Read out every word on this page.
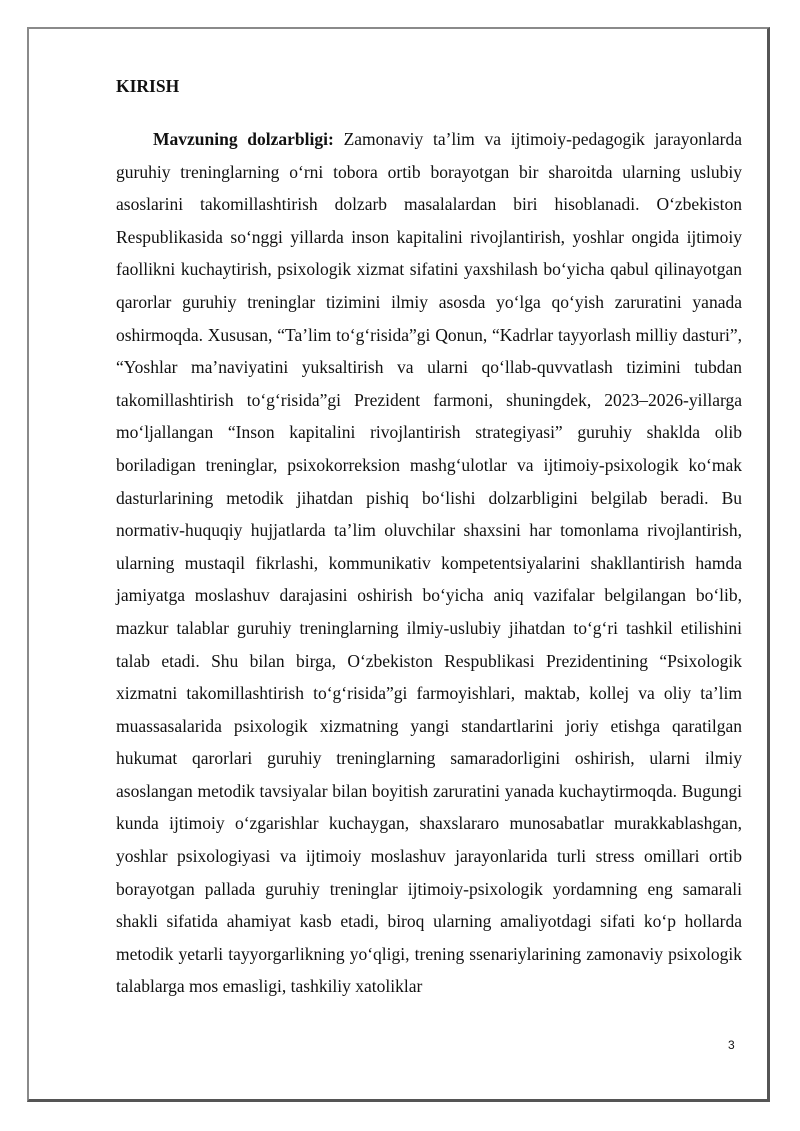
KIRISH

Mavzuning dolzarbligi: Zamonaviy ta’lim va ijtimoiy-pedagogik jarayonlarda guruhiy treninglarning o‘rni tobora ortib borayotgan bir sharoitda ularning uslubiy asoslarini takomillashtirish dolzarb masalalardan biri hisoblanadi. O‘zbekiston Respublikasida so‘nggi yillarda inson kapitalini rivojlantirish, yoshlar ongida ijtimoiy faollikni kuchaytirish, psixologik xizmat sifatini yaxshilash bo‘yicha qabul qilinayotgan qarorlar guruhiy treninglar tizimini ilmiy asosda yo‘lga qo‘yish zaruratini yanada oshirmoqda. Xususan, “Ta’lim to‘g‘risida”gi Qonun, “Kadrlar tayyorlash milliy dasturi”, “Yoshlar ma’naviyatini yuksaltirish va ularni qo‘llab-quvvatlash tizimini tubdan takomillashtirish to‘g‘risida”gi Prezident farmoni, shuningdek, 2023–2026-yillarga mo‘ljallangan “Inson kapitalini rivojlantirish strategiyasi” guruhiy shaklda olib boriladigan treninglar, psixokorreksion mashg‘ulotlar va ijtimoiy-psixologik ko‘mak dasturlarining metodik jihatdan pishiq bo‘lishi dolzarbligini belgilab beradi. Bu normativ-huquqiy hujjatlarda ta’lim oluvchilar shaxsini har tomonlama rivojlantirish, ularning mustaqil fikrlashi, kommunikativ kompetentsiyalarini shakllantirish hamda jamiyatga moslashuv darajasini oshirish bo‘yicha aniq vazifalar belgilangan bo‘lib, mazkur talablar guruhiy treninglarning ilmiy-uslubiy jihatdan to‘g‘ri tashkil etilishini talab etadi. Shu bilan birga, O‘zbekiston Respublikasi Prezidentining “Psixologik xizmatni takomillashtirish to‘g‘risida”gi farmoyishlari, maktab, kollej va oliy ta’lim muassasalarida psixologik xizmatning yangi standartlarini joriy etishga qaratilgan hukumat qarorlari guruhiy treninglarning samaradorligini oshirish, ularni ilmiy asoslangan metodik tavsiyalar bilan boyitish zaruratini yanada kuchaytirmoqda. Bugungi kunda ijtimoiy o‘zgarishlar kuchaygan, shaxslararo munosabatlar murakkablashgan, yoshlar psixologiyasi va ijtimoiy moslashuv jarayonlarida turli stress omillari ortib borayotgan pallada guruhiy treninglar ijtimoiy-psixologik yordamning eng samarali shakli sifatida ahamiyat kasb etadi, biroq ularning amaliyotdagi sifati ko‘p hollarda metodik yetarli tayyorgarlikning yo‘qligi, trening ssenariylarining zamonaviy psixologik talablarga mos emasligi, tashkiliy xatoliklar

3
